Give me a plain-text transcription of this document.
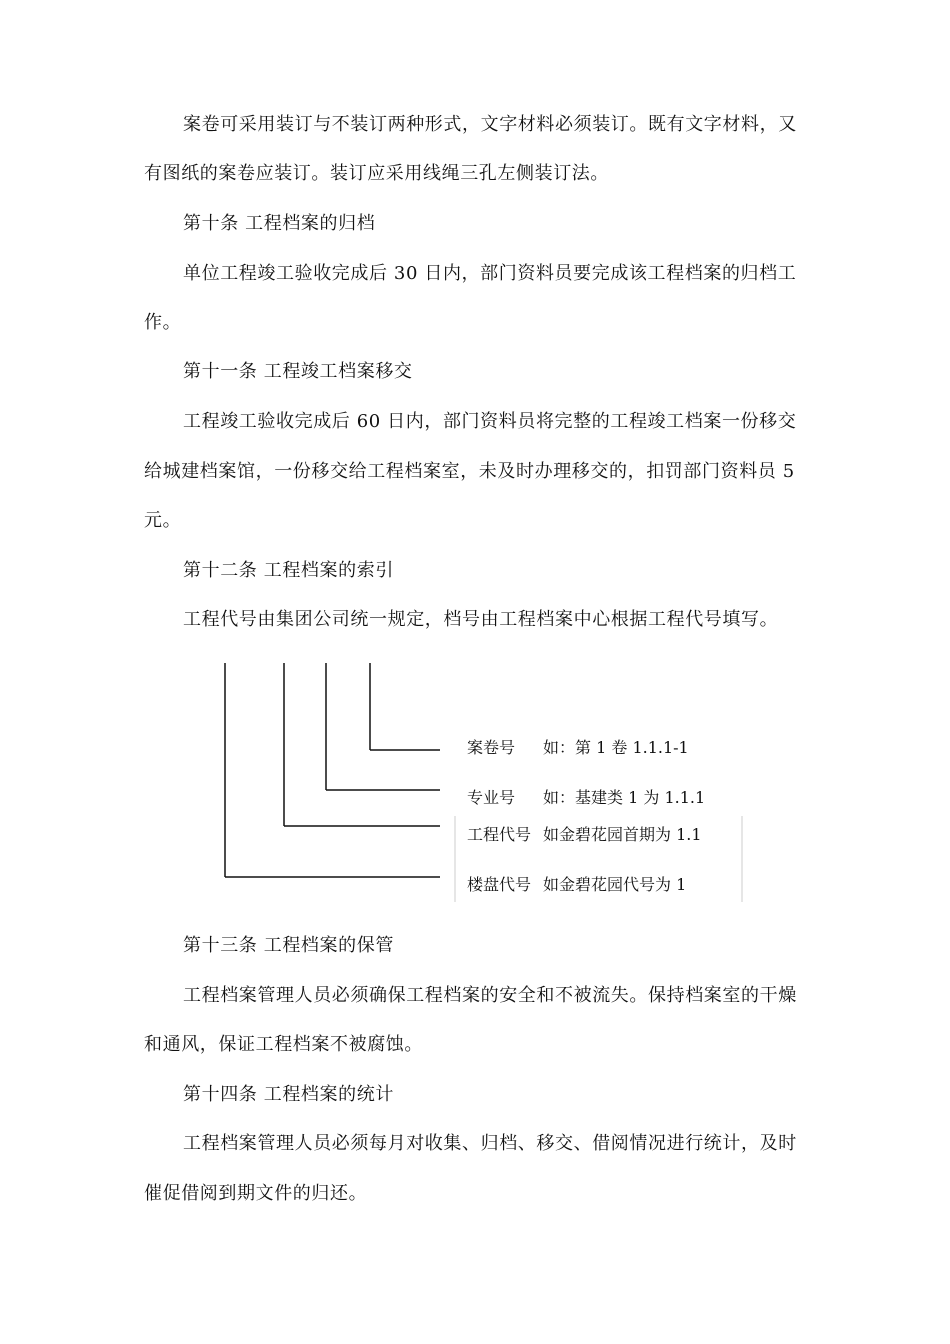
案卷可采用装订与不装订两种形式，文字材料必须装订。既有文字材料，又
有图纸的案卷应装订。装订应采用线绳三孔左侧装订法。
第十条 工程档案的归档
单位工程竣工验收完成后 30 日内，部门资料员要完成该工程档案的归档工
作。
第十一条 工程竣工档案移交
工程竣工验收完成后 60 日内，部门资料员将完整的工程竣工档案一份移交
给城建档案馆，一份移交给工程档案室，未及时办理移交的，扣罚部门资料员 5
元。
第十二条 工程档案的索引
工程代号由集团公司统一规定，档号由工程档案中心根据工程代号填写。
案卷号 如：第 1 卷 1.1.1-1
专业号 如：基建类 1 为 1.1.1
工程代号 如金碧花园首期为 1.1
楼盘代号 如金碧花园代号为 1
第十三条 工程档案的保管
工程档案管理人员必须确保工程档案的安全和不被流失。保持档案室的干燥
和通风，保证工程档案不被腐蚀。
第十四条 工程档案的统计
工程档案管理人员必须每月对收集、归档、移交、借阅情况进行统计，及时
催促借阅到期文件的归还。
